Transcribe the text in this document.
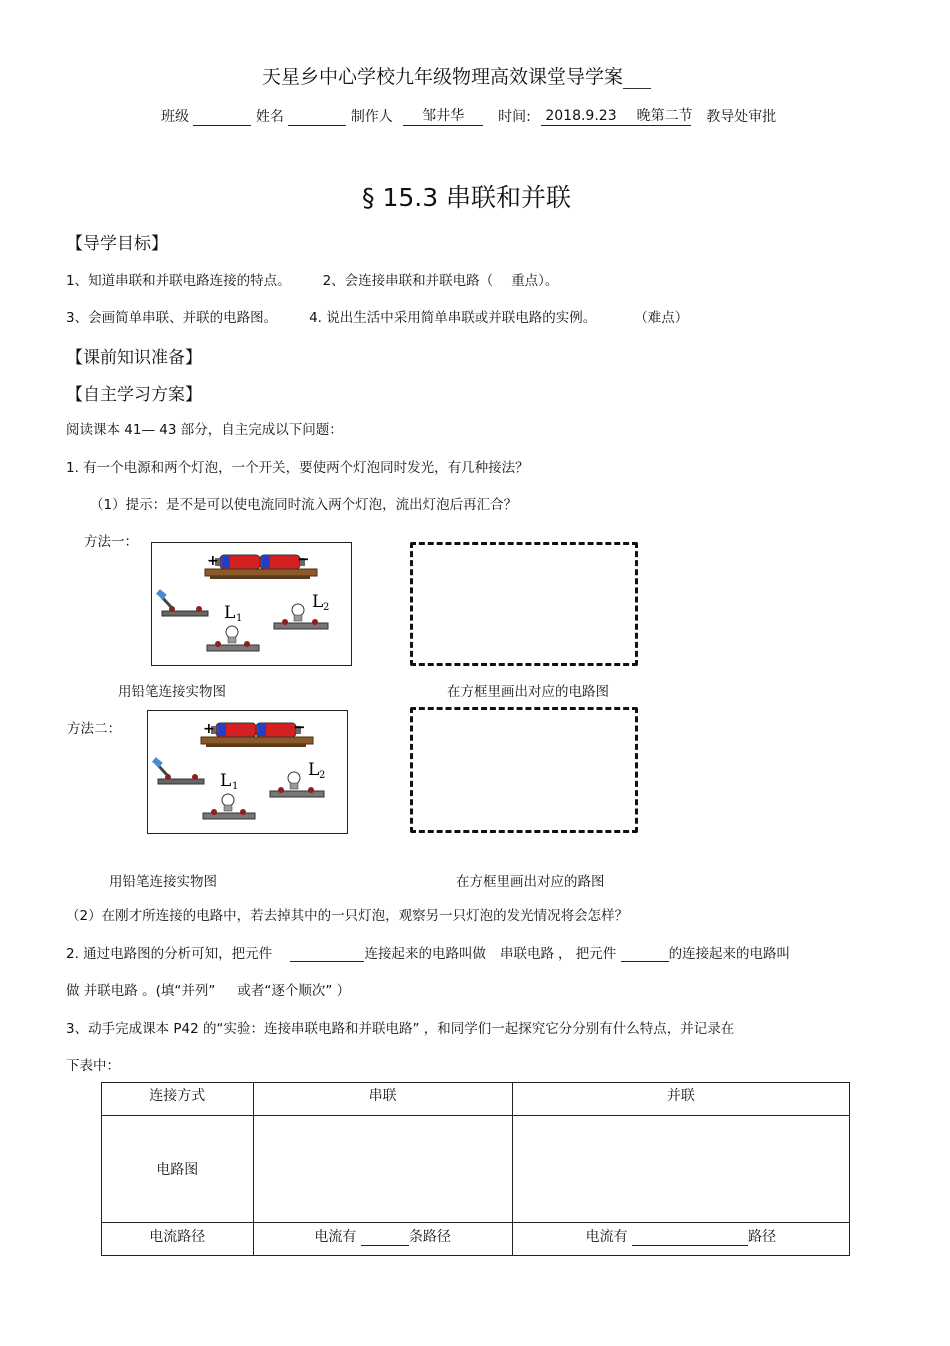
天星乡中心学校九年级物理高效课堂导学案
班级	姓名	制作人 邹井华 时间: 2018.9.23 晚第二节 教导处审批
§ 15.3 串联和并联
【导学目标】
1、知道串联和并联电路连接的特点。 2、会连接串联和并联电路（ 重点）。
3、会画简单串联、并联的电路图。 4. 说出生活中采用简单串联或并联电路的实例。	（难点）
【课前知识准备】
【自主学习方案】
阅读课本 41— 43 部分，自主完成以下问题：
1. 有一个电源和两个灯泡，一个开关，要使两个灯泡同时发光，有几种接法？
（1）提示：是不是可以使电流同时流入两个灯泡，流出灯泡后再汇合？
方法一：
+	−
L 1
L 2
用铅笔连接实物图	在方框里画出对应的电路图
方法二：	+	−
L 1
L 2
用铅笔连接实物图	在方框里画出对应的路图
（2）在刚才所连接的电路中，若去掉其中的一只灯泡，观察另一只灯泡的发光情况将会怎样？
2. 通过电路图的分析可知，把元件	连接起来的电路叫做 串联电路 ， 把元件	的连接起来的电路叫
做 并联电路 。(填“并列” 或者“逐个顺次” ）
3、动手完成课本 P42 的“实验：连接串联电路和并联电路” ，和同学们一起探究它分分别有什么特点，并记录在
下表中：
连接方式	串联	并联
电路图		
电流路径	电流有 条路径	电流有 路径
